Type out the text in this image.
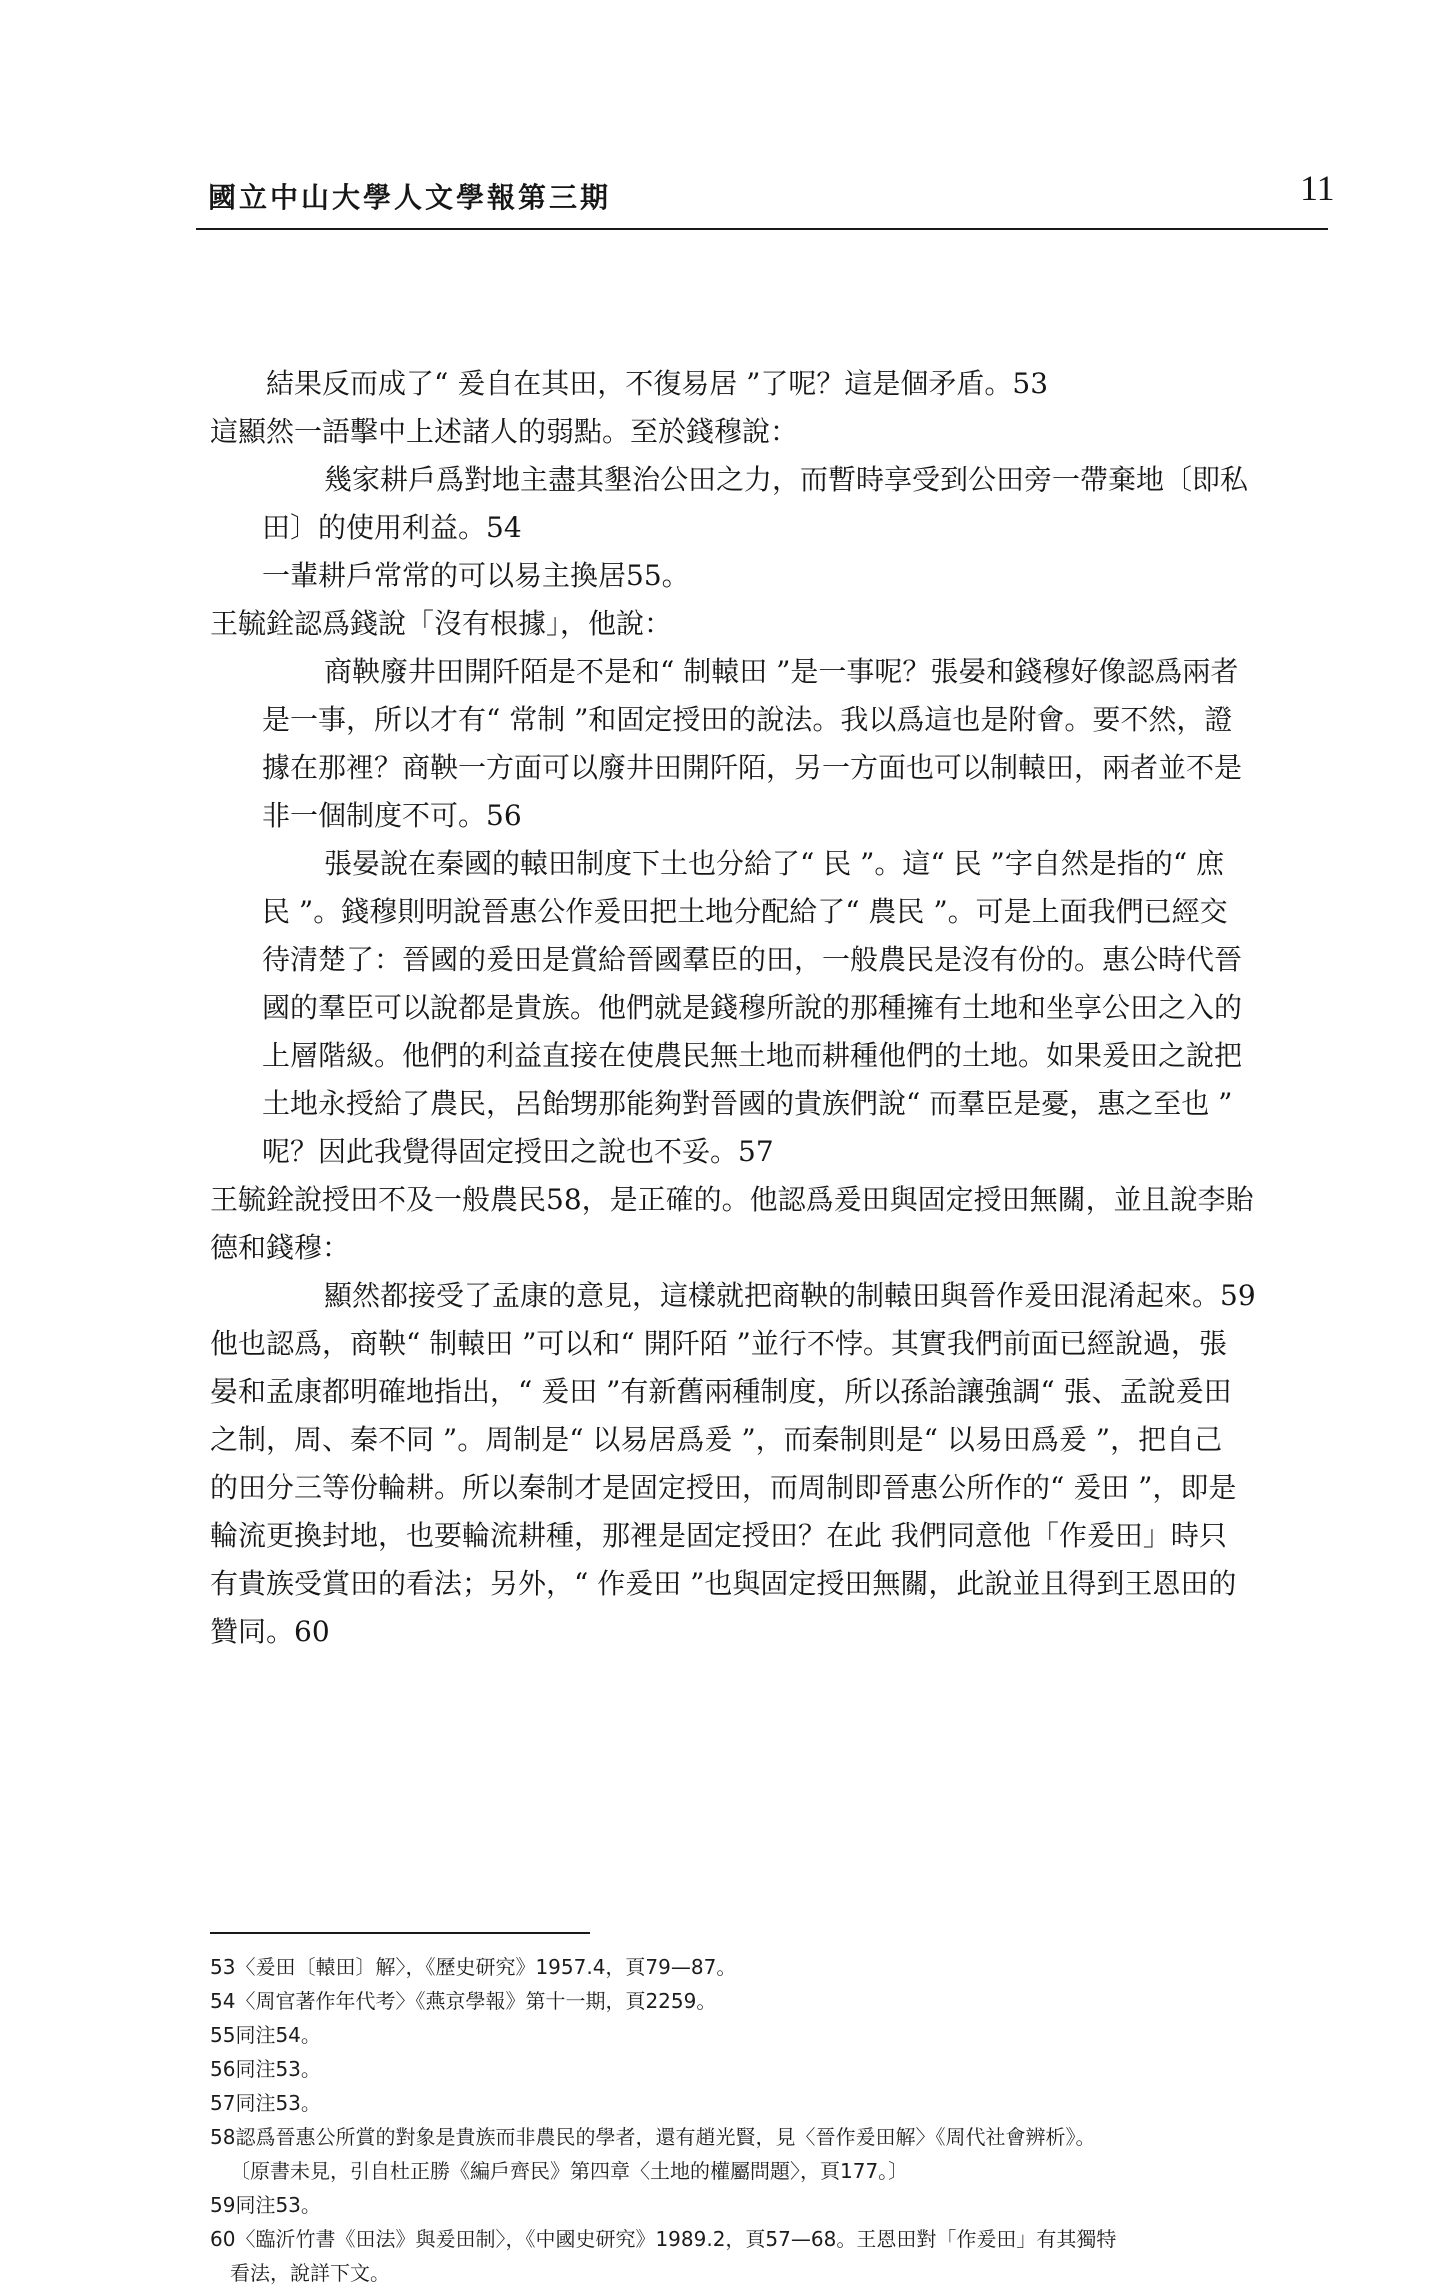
國立中山大學人文學報第三期	11

結果反而成了“ 爰自在其田，不復易居 ”了呢？這是個矛盾。53

這顯然一語擊中上述諸人的弱點。至於錢穆說：

幾家耕戶爲對地主盡其墾治公田之力，而暫時享受到公田旁一帶棄地〔即私

田〕的使用利益。54

一輩耕戶常常的可以易主換居55。

王毓銓認爲錢說「沒有根據」，他說：

商鞅廢井田開阡陌是不是和“ 制轅田 ”是一事呢？張晏和錢穆好像認爲兩者

是一事，所以才有“ 常制 ”和固定授田的說法。我以爲這也是附會。要不然，證

據在那裡？商鞅一方面可以廢井田開阡陌，另一方面也可以制轅田，兩者並不是

非一個制度不可。56

張晏說在秦國的轅田制度下土也分給了“ 民 ”。這“ 民 ”字自然是指的“ 庶

民 ”。錢穆則明說晉惠公作爰田把土地分配給了“ 農民 ”。可是上面我們已經交

待清楚了：晉國的爰田是賞給晉國羣臣的田，一般農民是沒有份的。惠公時代晉

國的羣臣可以說都是貴族。他們就是錢穆所說的那種擁有土地和坐享公田之入的

上層階級。他們的利益直接在使農民無土地而耕種他們的土地。如果爰田之說把

土地永授給了農民，呂飴甥那能夠對晉國的貴族們說“ 而羣臣是憂，惠之至也 ”

呢？因此我覺得固定授田之說也不妥。57

王毓銓說授田不及一般農民58，是正確的。他認爲爰田與固定授田無關，並且說李貽

德和錢穆：

顯然都接受了孟康的意見，這樣就把商鞅的制轅田與晉作爰田混淆起來。59

他也認爲，商鞅“ 制轅田 ”可以和“ 開阡陌 ”並行不悖。其實我們前面已經說過，張

晏和孟康都明確地指出，“ 爰田 ”有新舊兩種制度，所以孫詒讓強調“ 張、孟說爰田

之制，周、秦不同 ”。周制是“ 以易居爲爰 ”，而秦制則是“ 以易田爲爰 ”，把自己

的田分三等份輪耕。所以秦制才是固定授田，而周制即晉惠公所作的“ 爰田 ”，即是

輪流更換封地，也要輪流耕種，那裡是固定授田？在此 我們同意他「作爰田」時只

有貴族受賞田的看法；另外，“ 作爰田 ”也與固定授田無關，此說並且得到王恩田的

贊同。60

53〈爰田〔轅田〕解〉，《歷史研究》1957.4，頁79—87。

54〈周官著作年代考〉《燕京學報》第十一期，頁2259。

55同注54。

56同注53。

57同注53。

58認爲晉惠公所賞的對象是貴族而非農民的學者，還有趙光賢，見〈晉作爰田解〉《周代社會辨析》。

〔原書未見，引自杜正勝《編戶齊民》第四章〈土地的權屬問題〉，頁177。〕

59同注53。

60〈臨沂竹書《田法》與爰田制〉，《中國史研究》1989.2，頁57—68。王恩田對「作爰田」有其獨特

看法，說詳下文。
